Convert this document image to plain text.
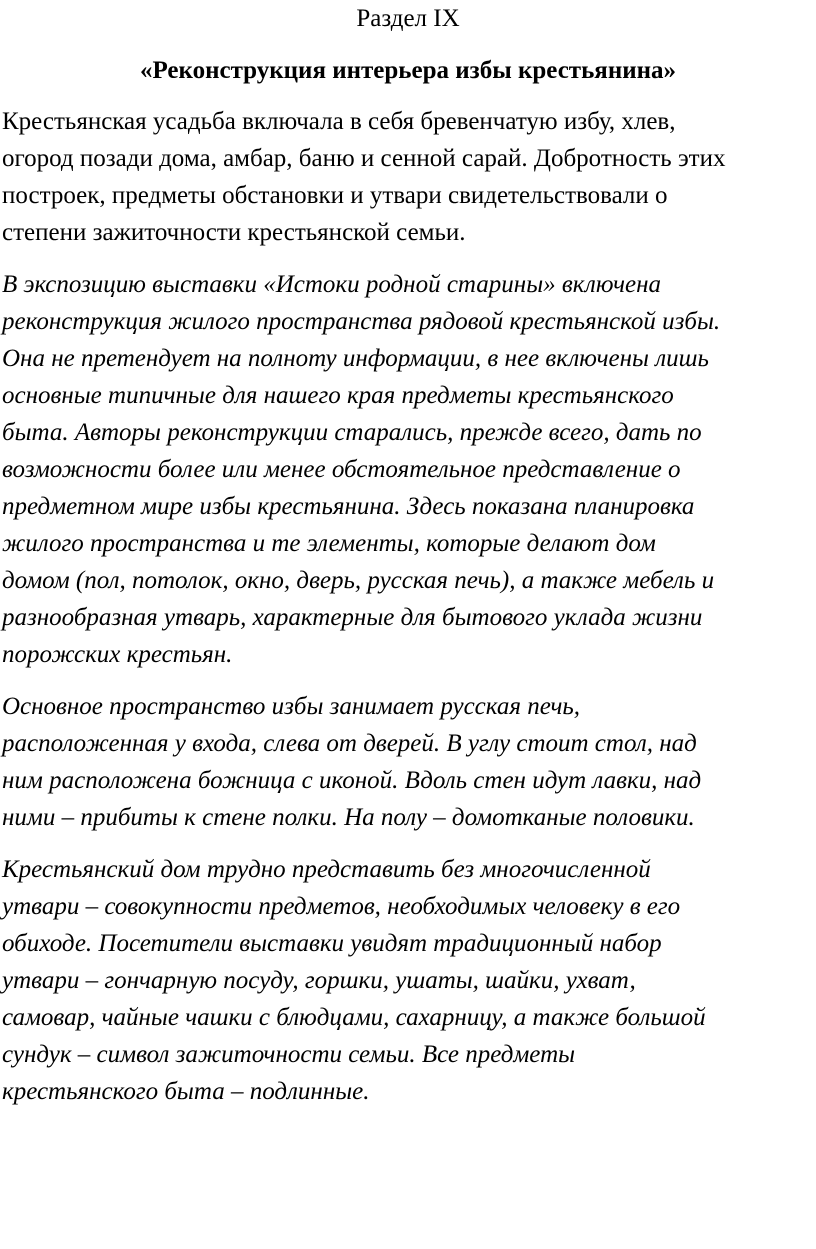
Раздел IX

«Реконструкция интерьера избы крестьянина»

Крестьянская усадьба включала в себя бревенчатую избу, хлев,
огород позади дома, амбар, баню и сенной сарай. Добротность этих
построек, предметы обстановки и утвари свидетельствовали о
степени зажиточности крестьянской семьи.

В экспозицию выставки «Истоки родной старины» включена
реконструкция жилого пространства рядовой крестьянской избы.
Она не претендует на полноту информации, в нее включены лишь
основные типичные для нашего края предметы крестьянского
быта. Авторы реконструкции старались, прежде всего, дать по
возможности более или менее обстоятельное представление о
предметном мире избы крестьянина. Здесь показана планировка
жилого пространства и те элементы, которые делают дом
домом (пол, потолок, окно, дверь, русская печь), а также мебель и
разнообразная утварь, характерные для бытового уклада жизни
порожских крестьян.

Основное пространство избы занимает русская печь,
расположенная у входа, слева от дверей. В углу стоит стол, над
ним расположена божница с иконой. Вдоль стен идут лавки, над
ними – прибиты к стене полки. На полу – домотканые половики.

Крестьянский дом трудно представить без многочисленной
утвари – совокупности предметов, необходимых человеку в его
обиходе. Посетители выставки увидят традиционный набор
утвари – гончарную посуду, горшки, ушаты, шайки, ухват,
самовар, чайные чашки с блюдцами, сахарницу, а также большой
сундук – символ зажиточности семьи. Все предметы
крестьянского быта – подлинные.
